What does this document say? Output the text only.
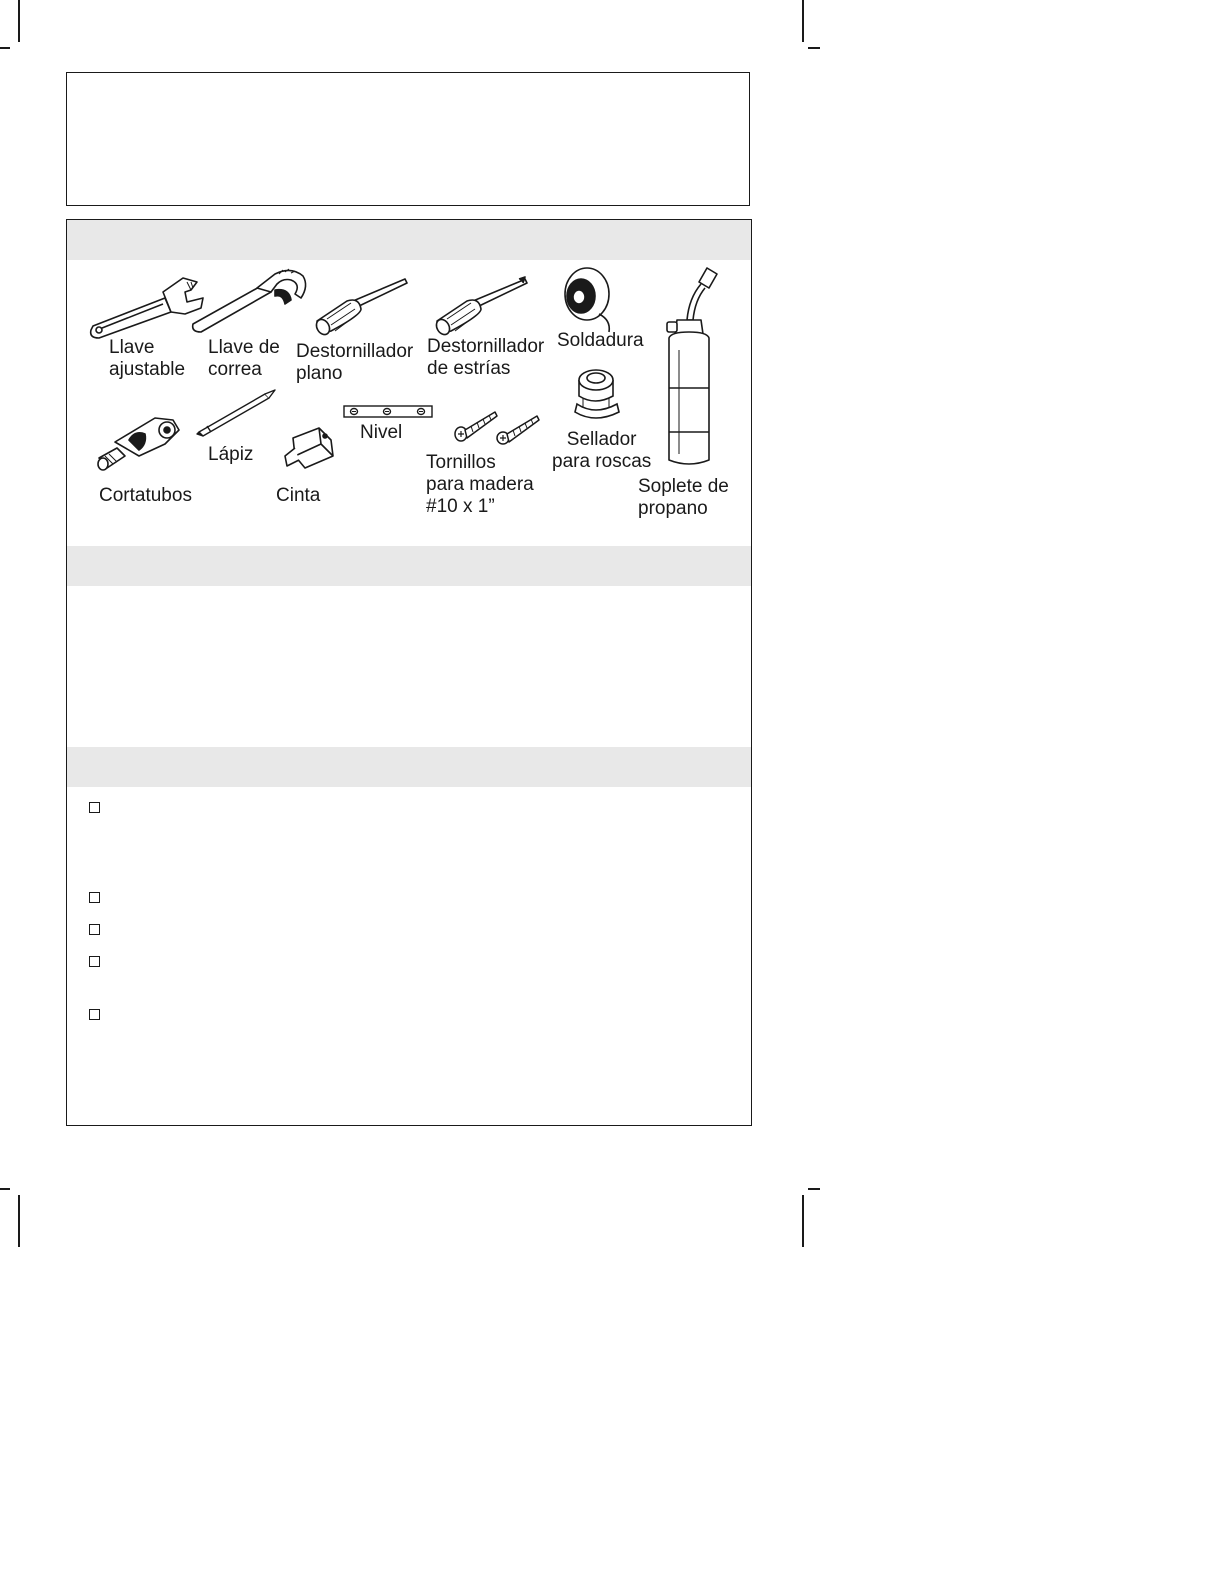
Llave
ajustable
Llave de
correa
Destornillador
plano
Destornillador
de estrías
Soldadura
Sellador
para roscas
Soplete de
propano
Cortatubos
Lápiz
Cinta
Nivel
Tornillos
para madera
#10 x 1”
